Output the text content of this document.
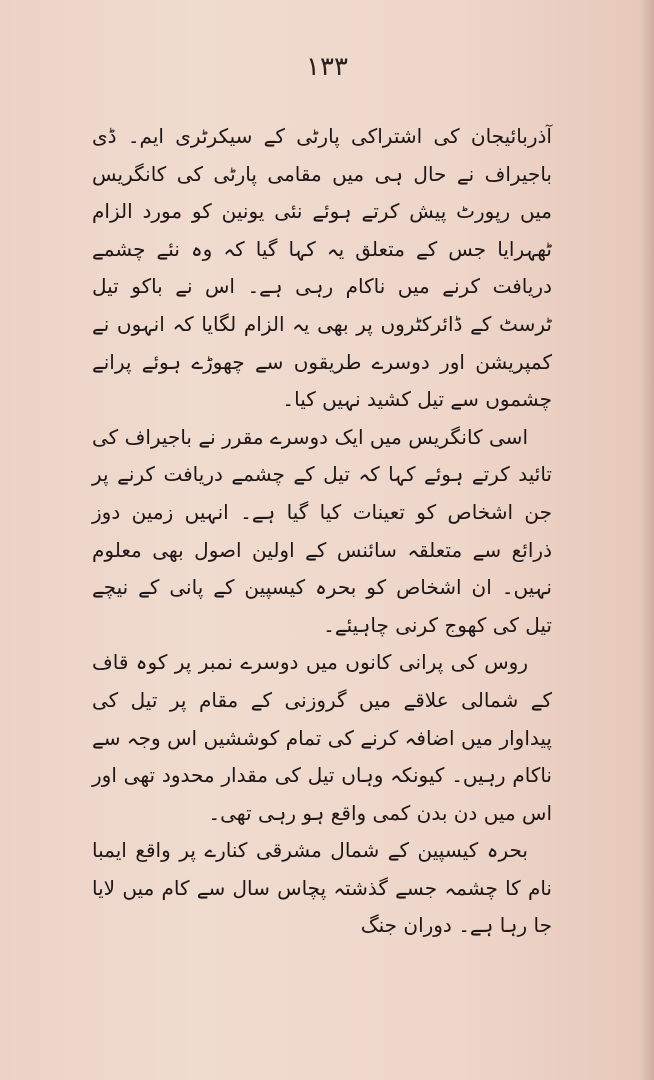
۱۳۳

آذربائیجان کی اشتراکی پارٹی کے سیکرٹری ایم۔ ڈی باجیراف نے حال ہی میں مقامی پارٹی کی کانگریس میں رپورٹ پیش کرتے ہوئے نئی یونین کو مورد الزام ٹھہرایا جس کے متعلق یہ کہا گیا کہ وہ نئے چشمے دریافت کرنے میں ناکام رہی ہے۔ اس نے باکو تیل ٹرسٹ کے ڈائرکٹروں پر بھی یہ الزام لگایا کہ انہوں نے کمپریشن اور دوسرے طریقوں سے چھوڑے ہوئے پرانے چشموں سے تیل کشید نہیں کیا۔

اسی کانگریس میں ایک دوسرے مقرر نے باجیراف کی تائید کرتے ہوئے کہا کہ تیل کے چشمے دریافت کرنے پر جن اشخاص کو تعینات کیا گیا ہے۔ انہیں زمین دوز ذرائع سے متعلقہ سائنس کے اولین اصول بھی معلوم نہیں۔ ان اشخاص کو بحرہ کیسپین کے پانی کے نیچے تیل کی کھوج کرنی چاہیئے۔

روس کی پرانی کانوں میں دوسرے نمبر پر کوہ قاف کے شمالی علاقے میں گروزنی کے مقام پر تیل کی پیداوار میں اضافہ کرنے کی تمام کوششیں اس وجہ سے ناکام رہیں۔ کیونکہ وہاں تیل کی مقدار محدود تھی اور اس میں دن بدن کمی واقع ہو رہی تھی۔

بحرہ کیسپین کے شمال مشرقی کنارے پر واقع ایمبا نام کا چشمہ جسے گذشتہ پچاس سال سے کام میں لایا جا رہا ہے۔ دوران جنگ
